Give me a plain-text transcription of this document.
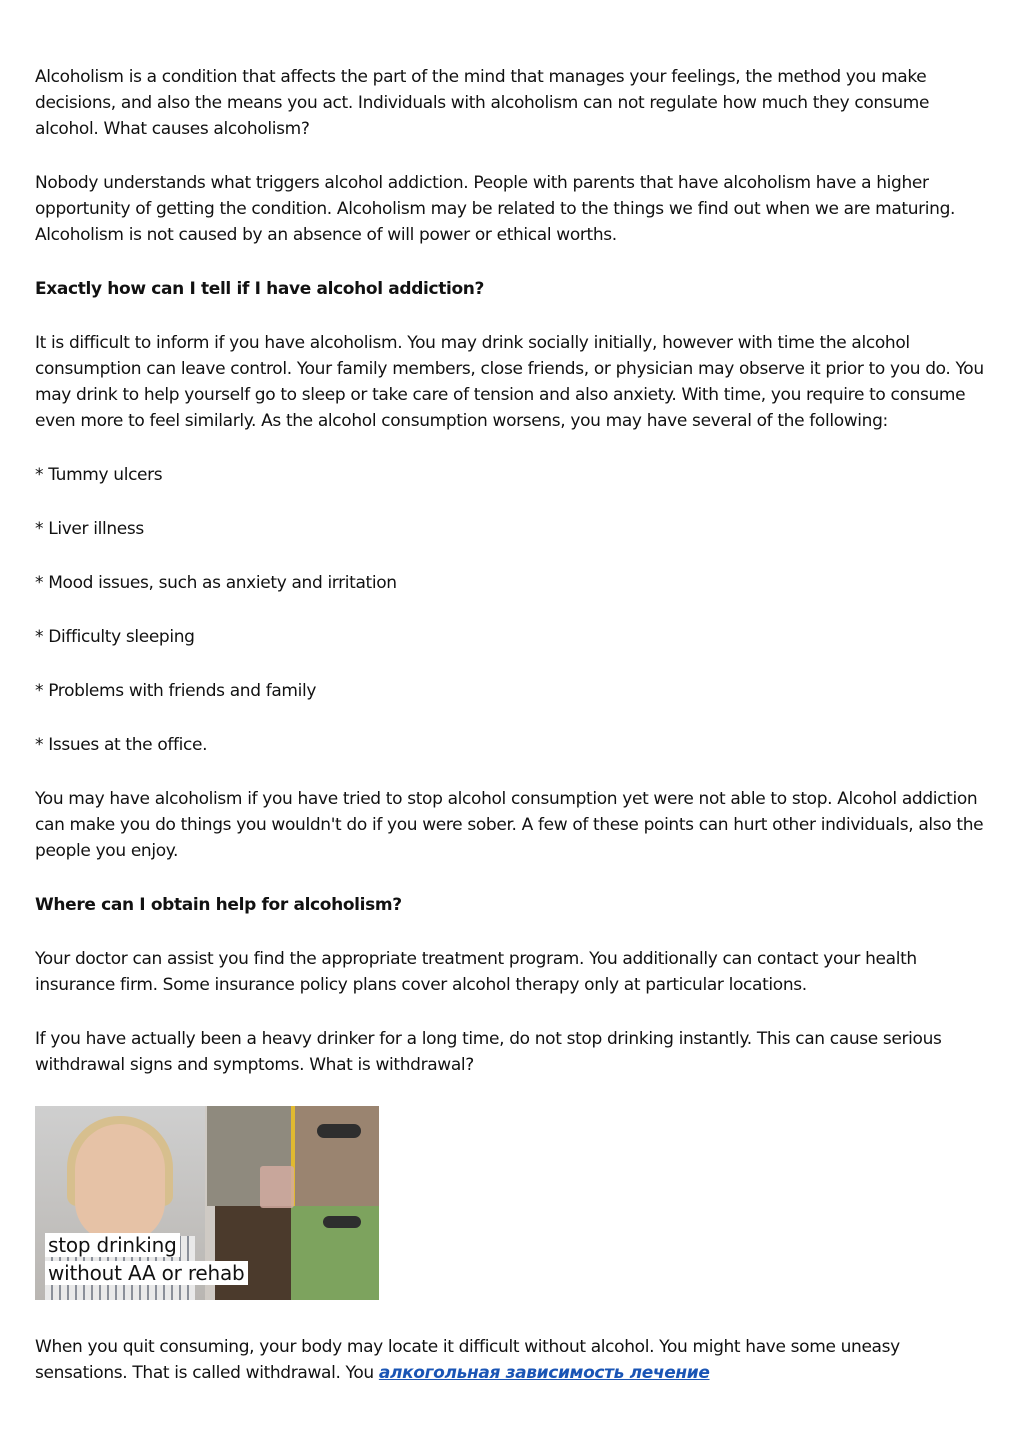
Alcoholism is a condition that affects the part of the mind that manages your feelings, the method you make decisions, and also the means you act. Individuals with alcoholism can not regulate how much they consume alcohol. What causes alcoholism?

Nobody understands what triggers alcohol addiction. People with parents that have alcoholism have a higher opportunity of getting the condition. Alcoholism may be related to the things we find out when we are maturing. Alcoholism is not caused by an absence of will power or ethical worths.

Exactly how can I tell if I have alcohol addiction?

It is difficult to inform if you have alcoholism. You may drink socially initially, however with time the alcohol consumption can leave control. Your family members, close friends, or physician may observe it prior to you do. You may drink to help yourself go to sleep or take care of tension and also anxiety. With time, you require to consume even more to feel similarly. As the alcohol consumption worsens, you may have several of the following:

* Tummy ulcers

* Liver illness

* Mood issues, such as anxiety and irritation

* Difficulty sleeping

* Problems with friends and family

* Issues at the office.

You may have alcoholism if you have tried to stop alcohol consumption yet were not able to stop. Alcohol addiction can make you do things you wouldn't do if you were sober. A few of these points can hurt other individuals, also the people you enjoy.

Where can I obtain help for alcoholism?

Your doctor can assist you find the appropriate treatment program. You additionally can contact your health insurance firm. Some insurance policy plans cover alcohol therapy only at particular locations.

If you have actually been a heavy drinker for a long time, do not stop drinking instantly. This can cause serious withdrawal signs and symptoms. What is withdrawal?

stop drinking
without AA or rehab

When you quit consuming, your body may locate it difficult without alcohol. You might have some uneasy sensations. That is called withdrawal. You алкогольная зависимость лечение
